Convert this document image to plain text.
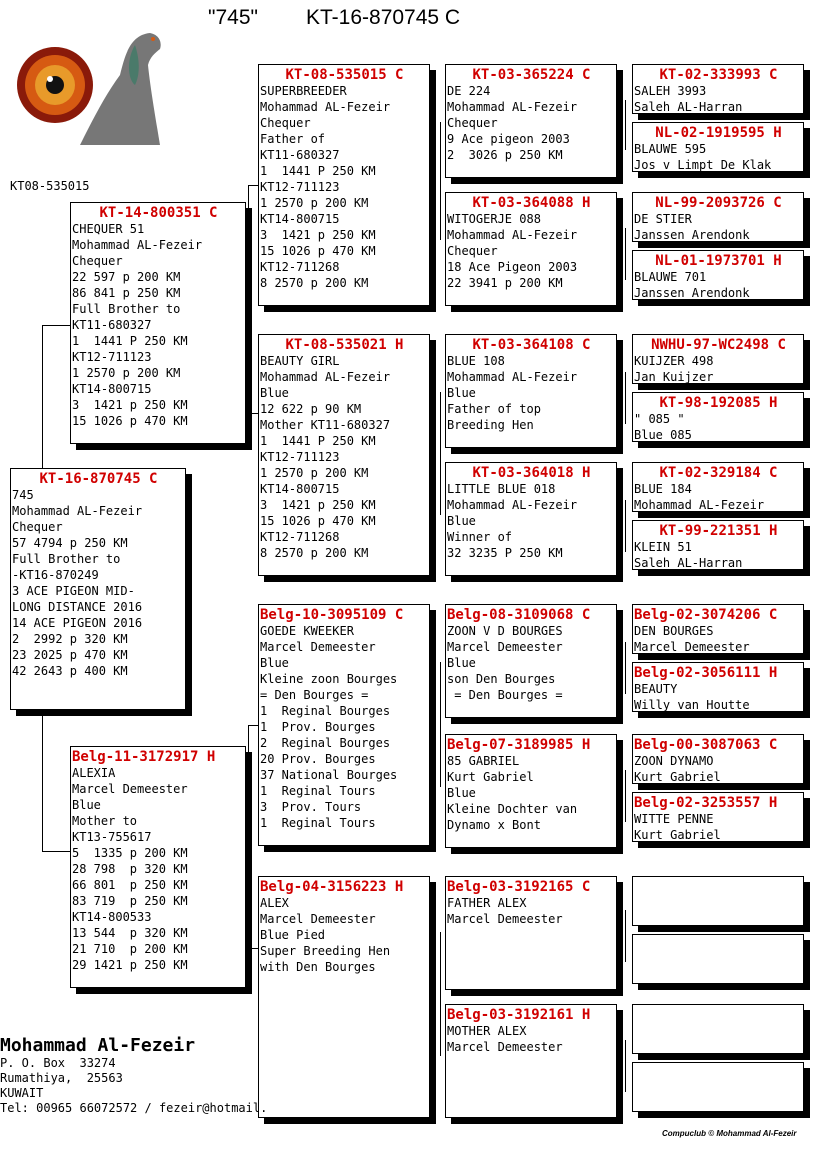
"745" KT-16-870745 C
KT08-535015
KT-16-870745 C
745
Mohammad AL-Fezeir
Chequer
57 4794 p 250 KM
Full Brother to
-KT16-870249
3 ACE PIGEON MID-
LONG DISTANCE 2016
14 ACE PIGEON 2016
2  2992 p 320 KM
23 2025 p 470 KM
42 2643 p 400 KM
KT-14-800351 C
CHEQUER 51
Mohammad AL-Fezeir
Chequer
22 597 p 200 KM
86 841 p 250 KM
Full Brother to
KT11-680327
1  1441 P 250 KM
KT12-711123
1 2570 p 200 KM
KT14-800715
3  1421 p 250 KM
15 1026 p 470 KM
Belg-11-3172917 H
ALEXIA
Marcel Demeester
Blue
Mother to
KT13-755617
5  1335 p 200 KM
28 798  p 320 KM
66 801  p 250 KM
83 719  p 250 KM
KT14-800533
13 544  p 320 KM
21 710  p 200 KM
29 1421 p 250 KM
KT-08-535015 C
SUPERBREEDER
Mohammad AL-Fezeir
Chequer
Father of
KT11-680327
1  1441 P 250 KM
KT12-711123
1 2570 p 200 KM
KT14-800715
3  1421 p 250 KM
15 1026 p 470 KM
KT12-711268
8 2570 p 200 KM
KT-08-535021 H
BEAUTY GIRL
Mohammad AL-Fezeir
Blue
12 622 p 90 KM
Mother KT11-680327
1  1441 P 250 KM
KT12-711123
1 2570 p 200 KM
KT14-800715
3  1421 p 250 KM
15 1026 p 470 KM
KT12-711268
8 2570 p 200 KM
Belg-10-3095109 C
GOEDE KWEEKER
Marcel Demeester
Blue
Kleine zoon Bourges
= Den Bourges =
1  Reginal Bourges
1  Prov. Bourges
2  Reginal Bourges
20 Prov. Bourges
37 National Bourges
1  Reginal Tours
3  Prov. Tours
1  Reginal Tours
Belg-04-3156223 H
ALEX
Marcel Demeester
Blue Pied
Super Breeding Hen
with Den Bourges
KT-03-365224 C
DE 224
Mohammad AL-Fezeir
Chequer
9 Ace pigeon 2003
2  3026 p 250 KM
KT-03-364088 H
WITOGERJE 088
Mohammad AL-Fezeir
Chequer
18 Ace Pigeon 2003
22 3941 p 200 KM
KT-03-364108 C
BLUE 108
Mohammad AL-Fezeir
Blue
Father of top
Breeding Hen
KT-03-364018 H
LITTLE BLUE 018
Mohammad AL-Fezeir
Blue
Winner of
32 3235 P 250 KM
Belg-08-3109068 C
ZOON V D BOURGES
Marcel Demeester
Blue
son Den Bourges
= Den Bourges =
Belg-07-3189985 H
85 GABRIEL
Kurt Gabriel
Blue
Kleine Dochter van
Dynamo x Bont
Belg-03-3192165 C
FATHER ALEX
Marcel Demeester
Belg-03-3192161 H
MOTHER ALEX
Marcel Demeester
KT-02-333993 C
SALEH 3993
Saleh AL-Harran
NL-02-1919595 H
BLAUWE 595
Jos v Limpt De Klak
NL-99-2093726 C
DE STIER
Janssen Arendonk
NL-01-1973701 H
BLAUWE 701
Janssen Arendonk
NWHU-97-WC2498 C
KUIJZER 498
Jan Kuijzer
KT-98-192085 H
" 085 "
Blue 085
KT-02-329184 C
BLUE 184
Mohammad AL-Fezeir
KT-99-221351 H
KLEIN 51
Saleh AL-Harran
Belg-02-3074206 C
DEN BOURGES
Marcel Demeester
Belg-02-3056111 H
BEAUTY
Willy van Houtte
Belg-00-3087063 C
ZOON DYNAMO
Kurt Gabriel
Belg-02-3253557 H
WITTE PENNE
Kurt Gabriel
Mohammad Al-Fezeir
P. O. Box  33274
Rumathiya,  25563
KUWAIT
Tel: 00965 66072572 / fezeir@hotmail.
Compuclub © Mohammad Al-Fezeir
